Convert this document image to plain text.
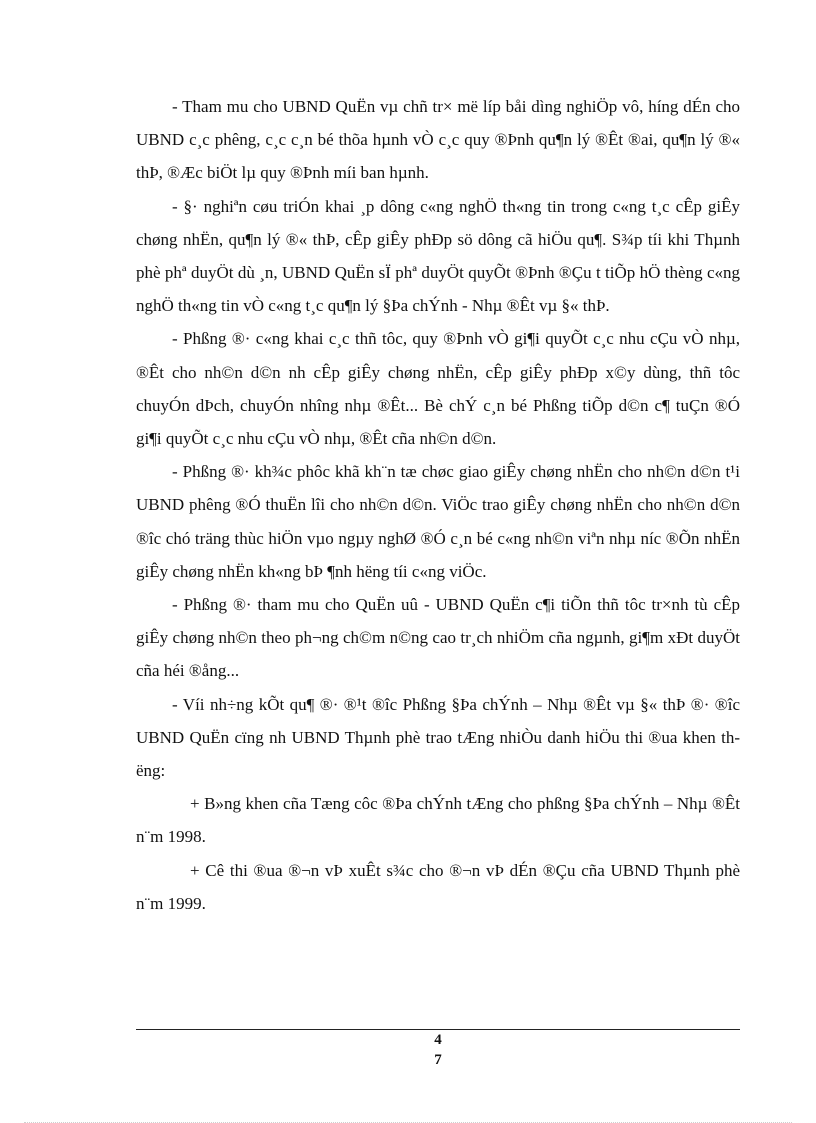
- Tham mu cho UBND QuËn vµ chñ tr× më líp båi dìng nghiÖp vô, híng dÉn cho UBND c¸c phêng, c¸c c¸n bé thõa hµnh vÒ c¸c quy ®Þnh qu¶n lý ®Êt ®ai, qu¶n lý ®« thÞ, ®Æc biÖt lµ quy ®Þnh míi ban hµnh.

- §· nghiªn cøu triÓn khai ¸p dông c«ng nghÖ th«ng tin trong c«ng t¸c cÊp giÊy chøng nhËn, qu¶n lý ®« thÞ, cÊp giÊy phÐp sö dông cã hiÖu qu¶. S¾p tíi khi Thµnh phè phª duyÖt dù ¸n, UBND QuËn sÏ phª duyÖt quyÕt ®Þnh ®Çu t tiÕp hÖ thèng c«ng nghÖ th«ng tin vÒ c«ng t¸c qu¶n lý §Þa chÝnh - Nhµ ®Êt vµ §« thÞ.

- Phßng ®· c«ng khai c¸c thñ tôc, quy ®Þnh vÒ gi¶i quyÕt c¸c nhu cÇu vÒ nhµ, ®Êt cho nh©n d©n nh cÊp giÊy chøng nhËn, cÊp giÊy phÐp x©y dùng, thñ tôc chuyÓn dÞch, chuyÓn nhîng nhµ ®Êt... Bè chÝ c¸n bé Phßng tiÕp d©n c¶ tuÇn ®Ó gi¶i quyÕt c¸c nhu cÇu vÒ nhµ, ®Êt cña nh©n d©n.

- Phßng ®· kh¾c phôc khã kh¨n tæ chøc giao giÊy chøng nhËn cho nh©n d©n t¹i UBND phêng ®Ó thuËn lîi cho nh©n d©n. ViÖc trao giÊy chøng nhËn cho nh©n d©n ®îc chó träng thùc hiÖn vµo ngµy nghØ ®Ó c¸n bé c«ng nh©n viªn nhµ níc ®Õn nhËn giÊy chøng nhËn kh«ng bÞ ¶nh hëng tíi c«ng viÖc.

- Phßng ®· tham mu cho QuËn uû - UBND QuËn c¶i tiÕn thñ tôc tr×nh tù cÊp giÊy chøng nh©n theo ph¬ng ch©m n©ng cao tr¸ch nhiÖm cña ngµnh, gi¶m xÐt duyÖt cña héi ®ång...

- Víi nh÷ng kÕt qu¶ ®· ®¹t ®îc Phßng §Þa chÝnh – Nhµ ®Êt vµ §« thÞ ®· ®îc UBND QuËn cïng nh UBND Thµnh phè trao tÆng nhiÒu danh hiÖu thi ®ua khen thëng:

+ B»ng khen cña Tæng côc ®Þa chÝnh tÆng cho phßng §Þa chÝnh – Nhµ ®Êt n¨m 1998.

+ Cê thi ®ua ®¬n vÞ xuÊt s¾c cho ®¬n vÞ dÉn ®Çu cña UBND Thµnh phè n¨m 1999.

4
7
